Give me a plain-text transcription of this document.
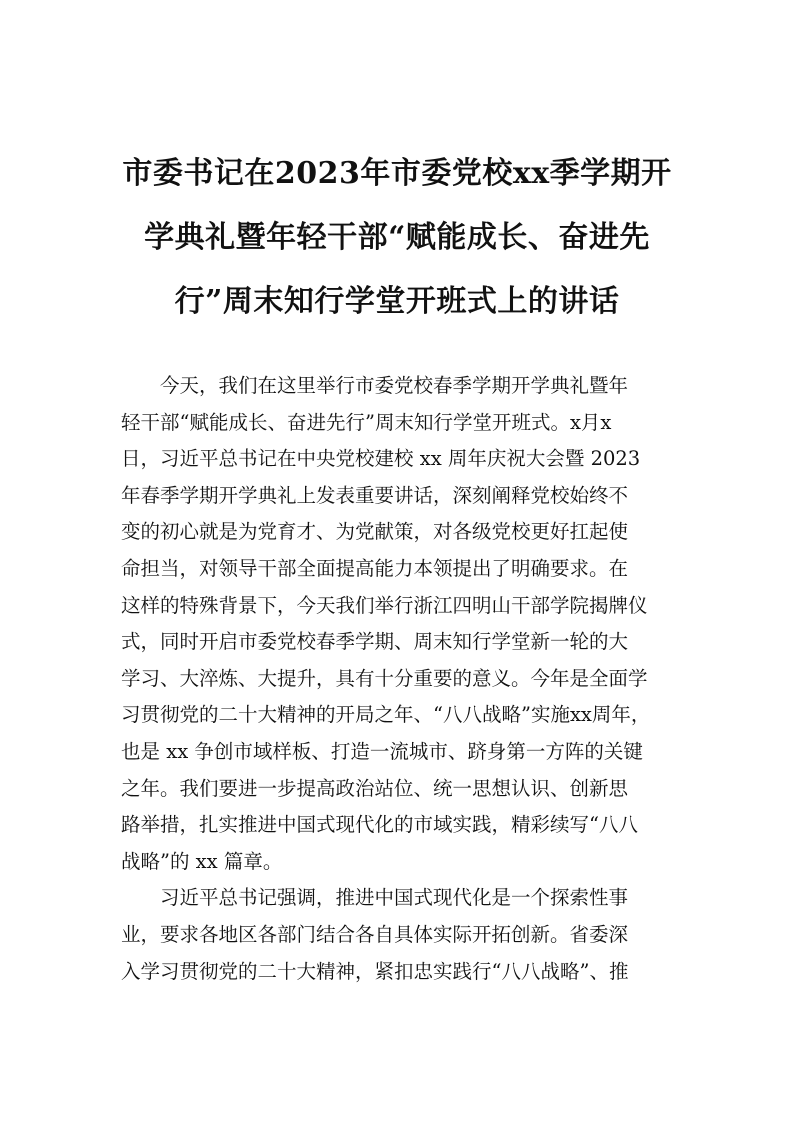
市委书记在2023年市委党校xx季学期开
学典礼暨年轻干部“赋能成长、奋进先
行”周末知行学堂开班式上的讲话
　　今天，我们在这里举行市委党校春季学期开学典礼暨年
轻干部“赋能成长、奋进先行”周末知行学堂开班式。x月x
日，习近平总书记在中央党校建校 xx 周年庆祝大会暨 2023
年春季学期开学典礼上发表重要讲话，深刻阐释党校始终不
变的初心就是为党育才、为党献策，对各级党校更好扛起使
命担当，对领导干部全面提高能力本领提出了明确要求。在
这样的特殊背景下，今天我们举行浙江四明山干部学院揭牌仪
式，同时开启市委党校春季学期、周末知行学堂新一轮的大
学习、大淬炼、大提升，具有十分重要的意义。今年是全面学
习贯彻党的二十大精神的开局之年、“八八战略”实施xx周年，
也是 xx 争创市域样板、打造一流城市、跻身第一方阵的关键
之年。我们要进一步提高政治站位、统一思想认识、创新思
路举措，扎实推进中国式现代化的市域实践，精彩续写“八八
战略”的 xx 篇章。
　　习近平总书记强调，推进中国式现代化是一个探索性事
业，要求各地区各部门结合各自具体实际开拓创新。省委深
入学习贯彻党的二十大精神，紧扣忠实践行“八八战略”、推
